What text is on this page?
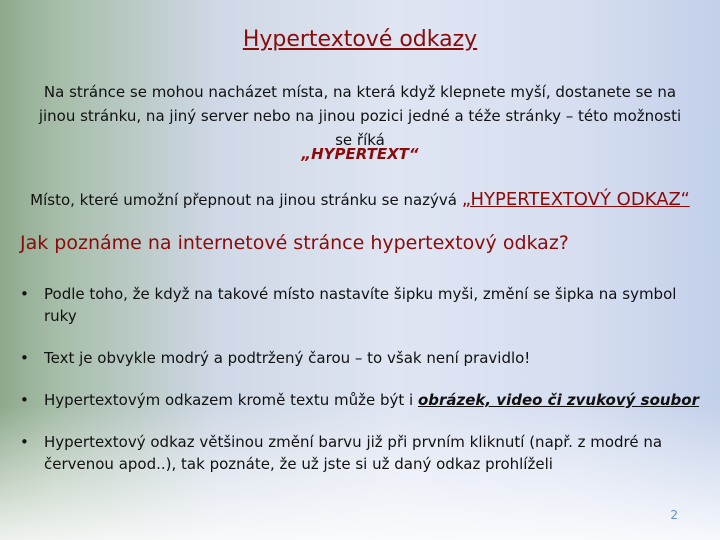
Hypertextové odkazy
Na stránce se mohou nacházet místa, na která když klepnete myší, dostanete se na jinou stránku, na jiný server nebo na jinou pozici jedné a téže stránky – této možnosti se říká
„HYPERTEXT“
Místo, které umožní přepnout na jinou stránku se nazývá „HYPERTEXTOVÝ ODKAZ“
Jak poznáme na internetové stránce hypertextový odkaz?
• Podle toho, že když na takové místo nastavíte šipku myši, změní se šipka na symbol ruky
• Text je obvykle modrý a podtržený čarou – to však není pravidlo!
• Hypertextovým odkazem kromě textu může být i obrázek, video či zvukový soubor
• Hypertextový odkaz většinou změní barvu již při prvním kliknutí (např. z modré na červenou apod..), tak poznáte, že už jste si už daný odkaz prohlíželi
2
